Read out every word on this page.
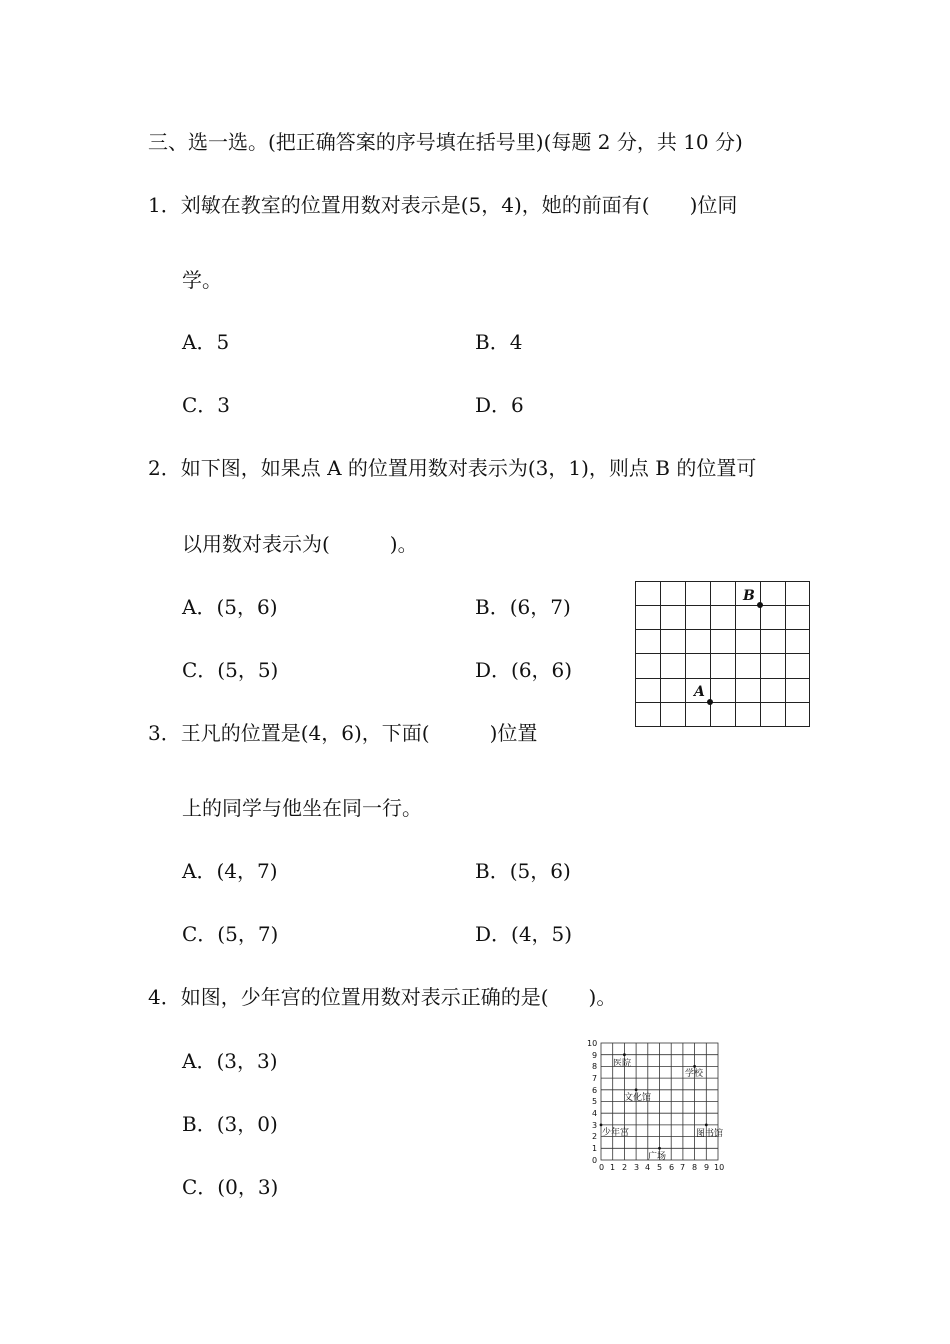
三、选一选。(把正确答案的序号填在括号里)(每题 2 分，共 10 分)
1．刘敏在教室的位置用数对表示是(5，4)，她的前面有(　　)位同
学。
A．5	B．4
C．3	D．6
2．如下图，如果点 A 的位置用数对表示为(3，1)，则点 B 的位置可
以用数对表示为(　　　)。
A．(5，6)	B．(6，7)
C．(5，5)	D．(6，6)
B
A
3．王凡的位置是(4，6)，下面(　　　)位置
上的同学与他坐在同一行。
A．(4，7)	B．(5，6)
C．(5，7)	D．(4，5)
4．如图，少年宫的位置用数对表示正确的是(　　)。
A．(3，3)
B．(3，0)
C．(0，3)
0 1 2 3 4 5 6 7 8 9 10
0
1
2
3
4
5
6
7
8
9
10
医院
学校
文化馆
少年宫	图书馆
广场
